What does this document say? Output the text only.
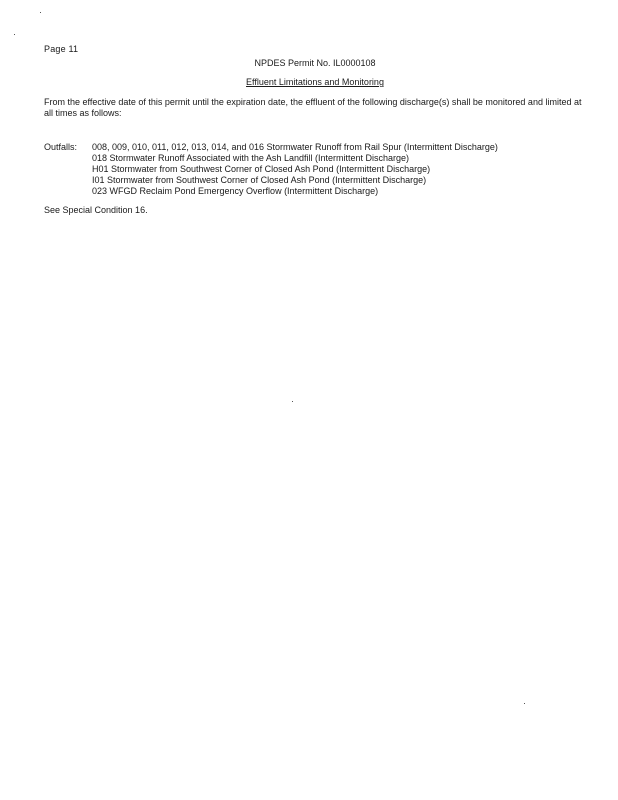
Page 11
NPDES Permit No. IL0000108
Effluent Limitations and Monitoring
From the effective date of this permit until the expiration date, the effluent of the following discharge(s) shall be monitored and limited at
all times as follows:
Outfalls:	008, 009, 010, 011, 012, 013, 014, and 016 Stormwater Runoff from Rail Spur (Intermittent Discharge)
018 Stormwater Runoff Associated with the Ash Landfill (Intermittent Discharge)
H01 Stormwater from Southwest Corner of Closed Ash Pond (Intermittent Discharge)
I01 Stormwater from Southwest Corner of Closed Ash Pond (Intermittent Discharge)
023 WFGD Reclaim Pond Emergency Overflow (Intermittent Discharge)
See Special Condition 16.
